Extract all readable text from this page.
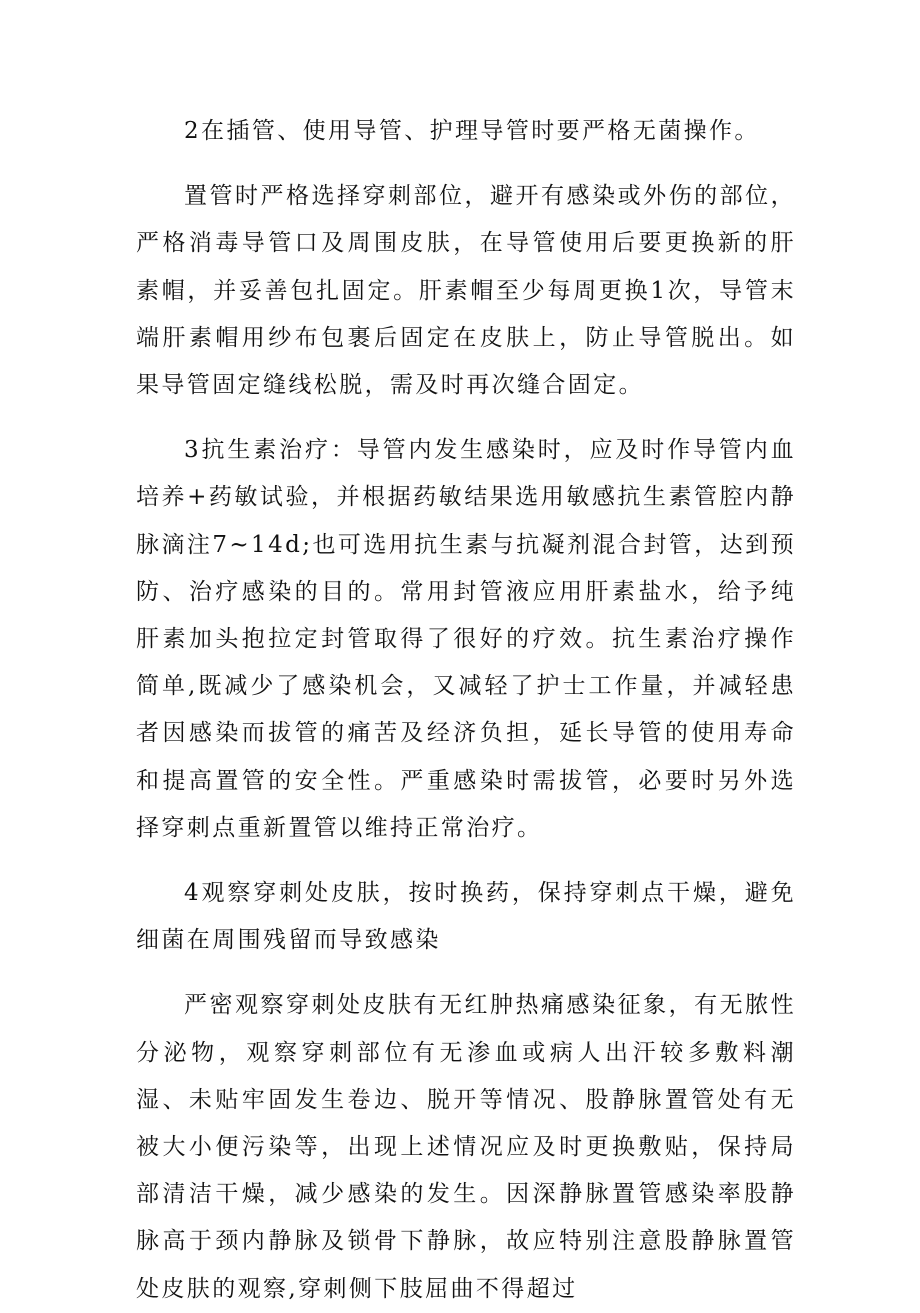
2在插管、使用导管、护理导管时要严格无菌操作。

置管时严格选择穿刺部位，避开有感染或外伤的部位，严格消毒导管口及周围皮肤，在导管使用后要更换新的肝素帽，并妥善包扎固定。肝素帽至少每周更换1次，导管末端肝素帽用纱布包裹后固定在皮肤上，防止导管脱出。如果导管固定缝线松脱，需及时再次缝合固定。

3抗生素治疗：导管内发生感染时，应及时作导管内血培养+药敏试验，并根据药敏结果选用敏感抗生素管腔内静脉滴注7~14d;也可选用抗生素与抗凝剂混合封管，达到预防、治疗感染的目的。常用封管液应用肝素盐水，给予纯肝素加头抱拉定封管取得了很好的疗效。抗生素治疗操作简单,既减少了感染机会，又减轻了护士工作量，并减轻患者因感染而拔管的痛苦及经济负担，延长导管的使用寿命和提高置管的安全性。严重感染时需拔管，必要时另外选择穿刺点重新置管以维持正常治疗。

4观察穿刺处皮肤，按时换药，保持穿刺点干燥，避免细菌在周围残留而导致感染

严密观察穿刺处皮肤有无红肿热痛感染征象，有无脓性分泌物，观察穿刺部位有无渗血或病人出汗较多敷料潮湿、未贴牢固发生卷边、脱开等情况、股静脉置管处有无被大小便污染等，出现上述情况应及时更换敷贴，保持局部清洁干燥，减少感染的发生。因深静脉置管感染率股静脉高于颈内静脉及锁骨下静脉，故应特别注意股静脉置管处皮肤的观察,穿刺侧下肢屈曲不得超过
